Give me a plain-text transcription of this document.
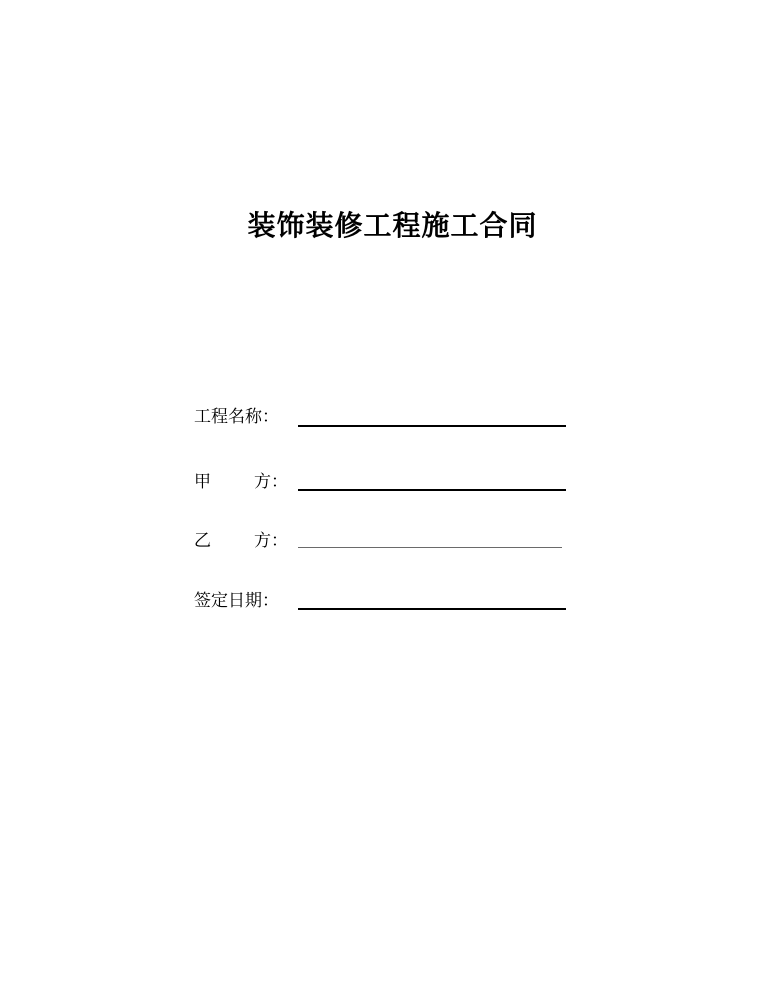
装饰装修工程施工合同
工程名称：
甲	方：
乙	方：
签定日期：
